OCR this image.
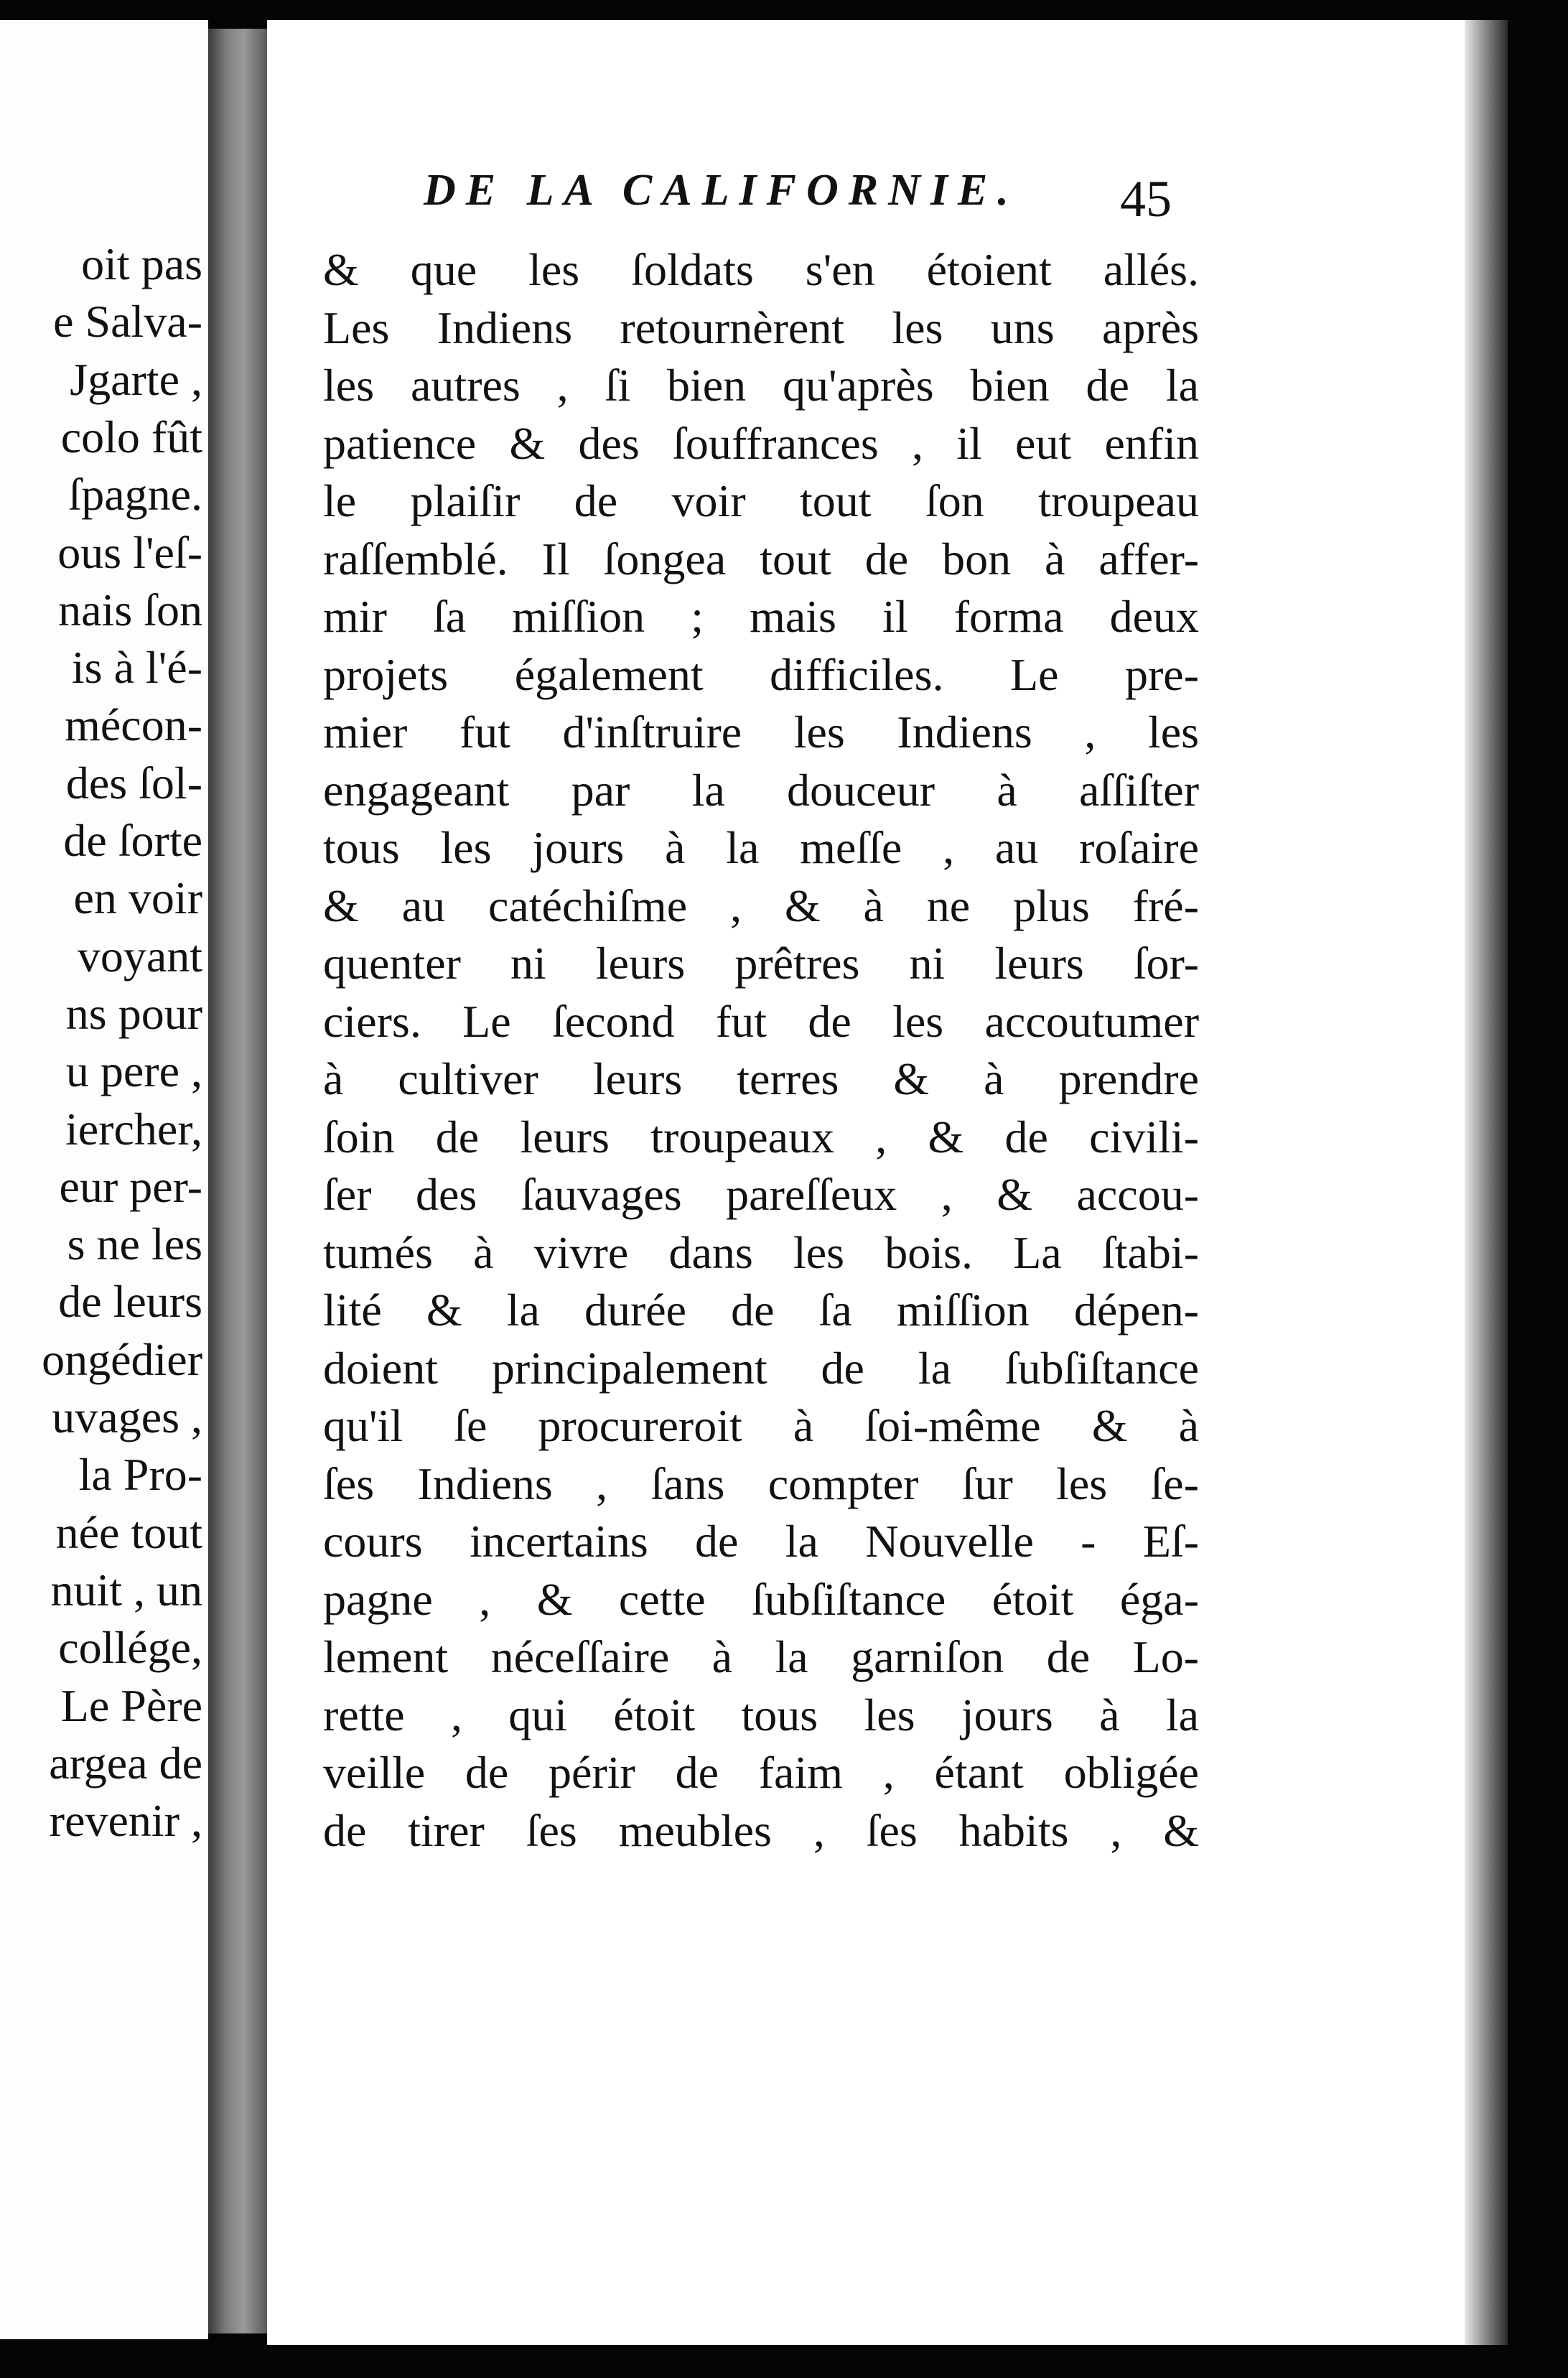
oit pas
e Salva-
Jgarte ,
colo fût
ſpagne.
ous l'eſ-
nais ſon
is à l'é-
mécon-
des ſol-
de ſorte
en voir
voyant
ns pour
u pere ,
iercher,
eur per-
s ne les
de leurs
ongédier
uvages ,
la Pro-
née tout
nuit , un
collége,
Le Père
argea de
revenir ,
DE LA CALIFORNIE.	45
& que les ſoldats s'en étoient allés.
Les Indiens retournèrent les uns après
les autres , ſi bien qu'après bien de la
patience & des ſouffrances , il eut enfin
le plaiſir de voir tout ſon troupeau
raſſemblé. Il ſongea tout de bon à affer-
mir ſa miſſion ; mais il forma deux
projets également difficiles. Le pre-
mier fut d'inſtruire les Indiens , les
engageant par la douceur à aſſiſter
tous les jours à la meſſe , au roſaire
& au catéchiſme , & à ne plus fré-
quenter ni leurs prêtres ni leurs ſor-
ciers. Le ſecond fut de les accoutumer
à cultiver leurs terres & à prendre
ſoin de leurs troupeaux , & de civili-
ſer des ſauvages pareſſeux , & accou-
tumés à vivre dans les bois. La ſtabi-
lité & la durée de ſa miſſion dépen-
doient principalement de la ſubſiſtance
qu'il ſe procureroit à ſoi-même & à
ſes Indiens , ſans compter ſur les ſe-
cours incertains de la Nouvelle - Eſ-
pagne , & cette ſubſiſtance étoit éga-
lement néceſſaire à la garniſon de Lo-
rette , qui étoit tous les jours à la
veille de périr de faim , étant obligée
de tirer ſes meubles , ſes habits , &
